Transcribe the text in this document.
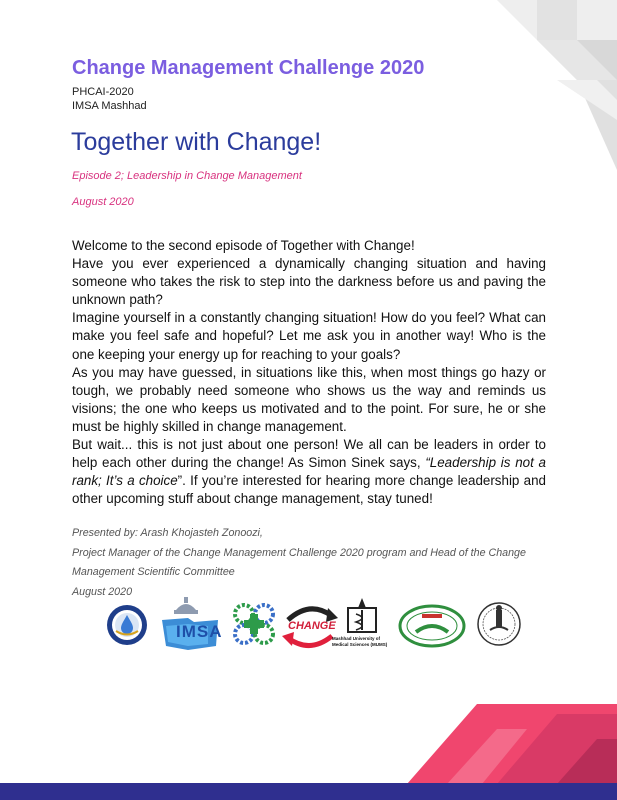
Change Management Challenge 2020
PHCAI-2020
IMSA Mashhad
Together with Change!
Episode 2; Leadership in Change Management
August 2020

Welcome to the second episode of Together with Change!

Have you ever experienced a dynamically changing situation and having someone who takes the risk to step into the darkness before us and paving the unknown path?

Imagine yourself in a constantly changing situation! How do you feel? What can make you feel safe and hopeful? Let me ask you in another way! Who is the one keeping your energy up for reaching to your goals?

As you may have guessed, in situations like this, when most things go hazy or tough, we probably need someone who shows us the way and reminds us visions; the one who keeps us motivated and to the point. For sure, he or she must be highly skilled in change management.

But wait... this is not just about one person! We all can be leaders in order to help each other during the change! As Simon Sinek says, “Leadership is not a rank; It’s a choice”. If you’re interested for hearing more change leadership and other upcoming stuff about change management, stay tuned!

Presented by: Arash Khojasteh Zonoozi,

Project Manager of the Change Management Challenge 2020 program and Head of the Change

Management Scientific Committee

August 2020

IMSA	CHANGE
Mashhad University of Medical Sciences (MUMS)
